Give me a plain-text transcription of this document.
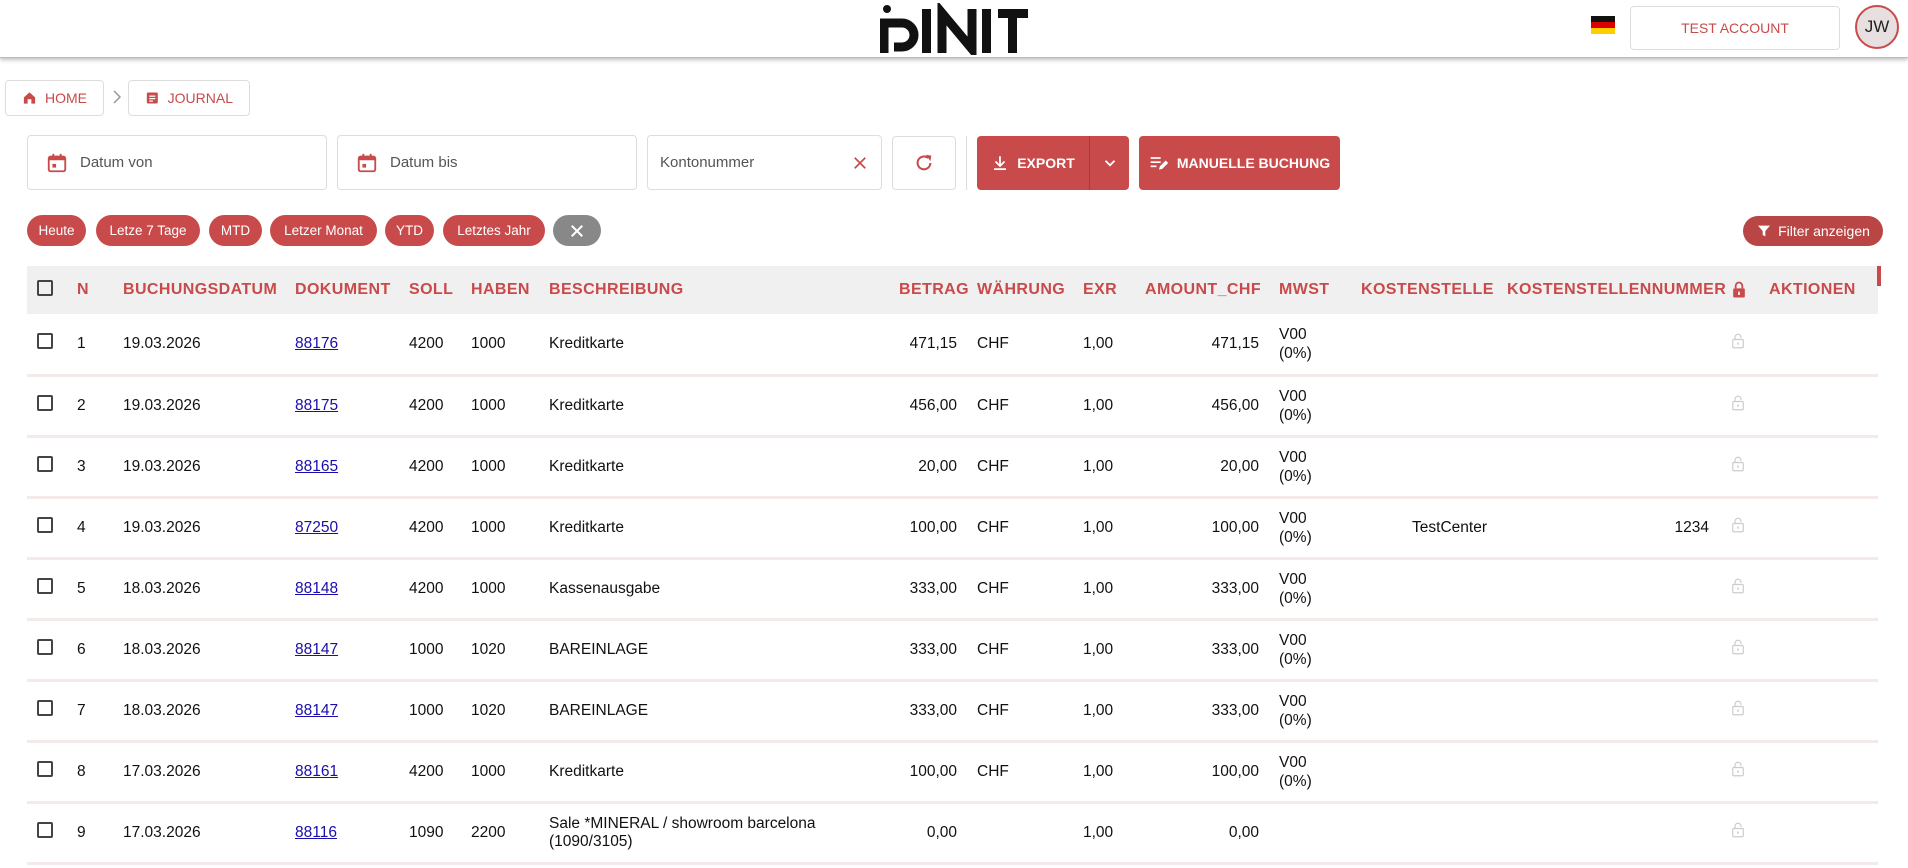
TEST ACCOUNT	JW
HOME	JOURNAL
Datum von	Datum bis	Kontonummer	EXPORT	MANUELLE BUCHUNG
Heute	Letze 7 Tage	MTD	Letzer Monat	YTD	Letztes Jahr	Filter anzeigen
	N	BUCHUNGSDATUM	DOKUMENT	SOLL	HABEN	BESCHREIBUNG	BETRAG	WÄHRUNG	EXR	AMOUNT_CHF	MWST	KOSTENSTELLE	KOSTENSTELLENNUMMER		AKTIONEN
	1	19.03.2026	88176	4200	1000	Kreditkarte	471,15	CHF	1,00	471,15	V00
(0%)

	2	19.03.2026	88175	4200	1000	Kreditkarte	456,00	CHF	1,00	456,00	V00
(0%)

	3	19.03.2026	88165	4200	1000	Kreditkarte	20,00	CHF	1,00	20,00	V00
(0%)

	4	19.03.2026	87250	4200	1000	Kreditkarte	100,00	CHF	1,00	100,00	V00
(0%)	TestCenter	1234		
	5	18.03.2026	88148	4200	1000	Kassenausgabe	333,00	CHF	1,00	333,00	V00
(0%)

	6	18.03.2026	88147	1000	1020	BAREINLAGE	333,00	CHF	1,00	333,00	V00
(0%)

	7	18.03.2026	88147	1000	1020	BAREINLAGE	333,00	CHF	1,00	333,00	V00
(0%)

	8	17.03.2026	88161	4200	1000	Kreditkarte	100,00	CHF	1,00	100,00	V00
(0%)

	9	17.03.2026	88116	1090	2200	Sale *MINERAL / showroom barcelona (1090/3105)	0,00		1,00	0,00	
